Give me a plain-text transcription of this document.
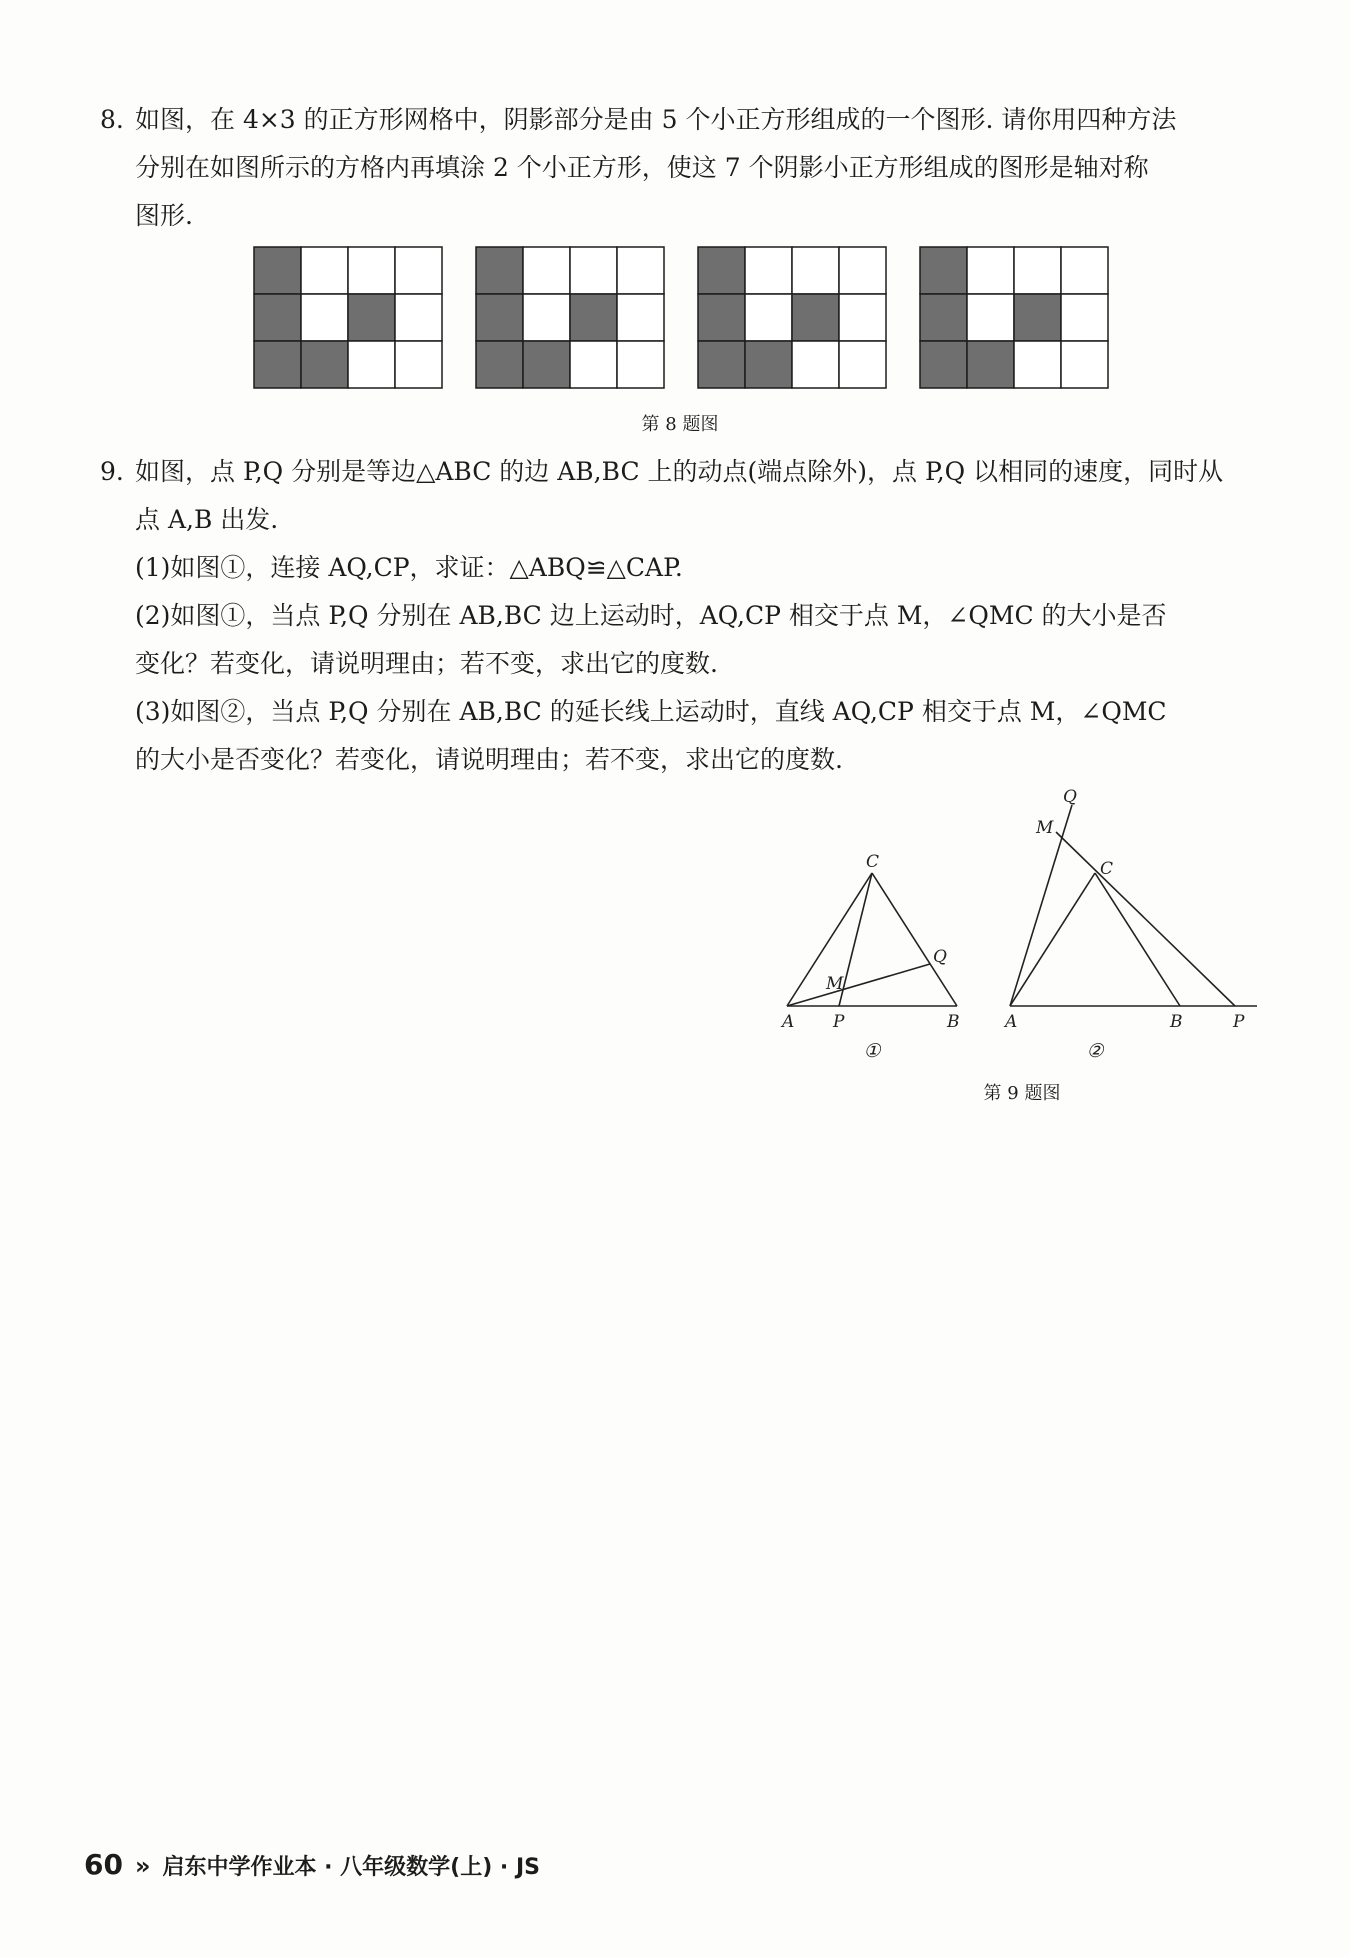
8. 如图，在 4×3 的正方形网格中，阴影部分是由 5 个小正方形组成的一个图形. 请你用四种方法
分别在如图所示的方格内再填涂 2 个小正方形，使这 7 个阴影小正方形组成的图形是轴对称
图形.
第 8 题图
9. 如图，点 P,Q 分别是等边△ABC 的边 AB,BC 上的动点(端点除外)，点 P,Q 以相同的速度，同时从
点 A,B 出发.
(1)如图①，连接 AQ,CP，求证：△ABQ≌△CAP.
(2)如图①，当点 P,Q 分别在 AB,BC 边上运动时，AQ,CP 相交于点 M，∠QMC 的大小是否
变化？若变化，请说明理由；若不变，求出它的度数.
(3)如图②，当点 P,Q 分别在 AB,BC 的延长线上运动时，直线 AQ,CP 相交于点 M，∠QMC
的大小是否变化？若变化，请说明理由；若不变，求出它的度数.
C
Q
M
A P	B
①
Q
M
C
A	B	P
②
第 9 题图
60 » 启东中学作业本 · 八年级数学(上) · JS
